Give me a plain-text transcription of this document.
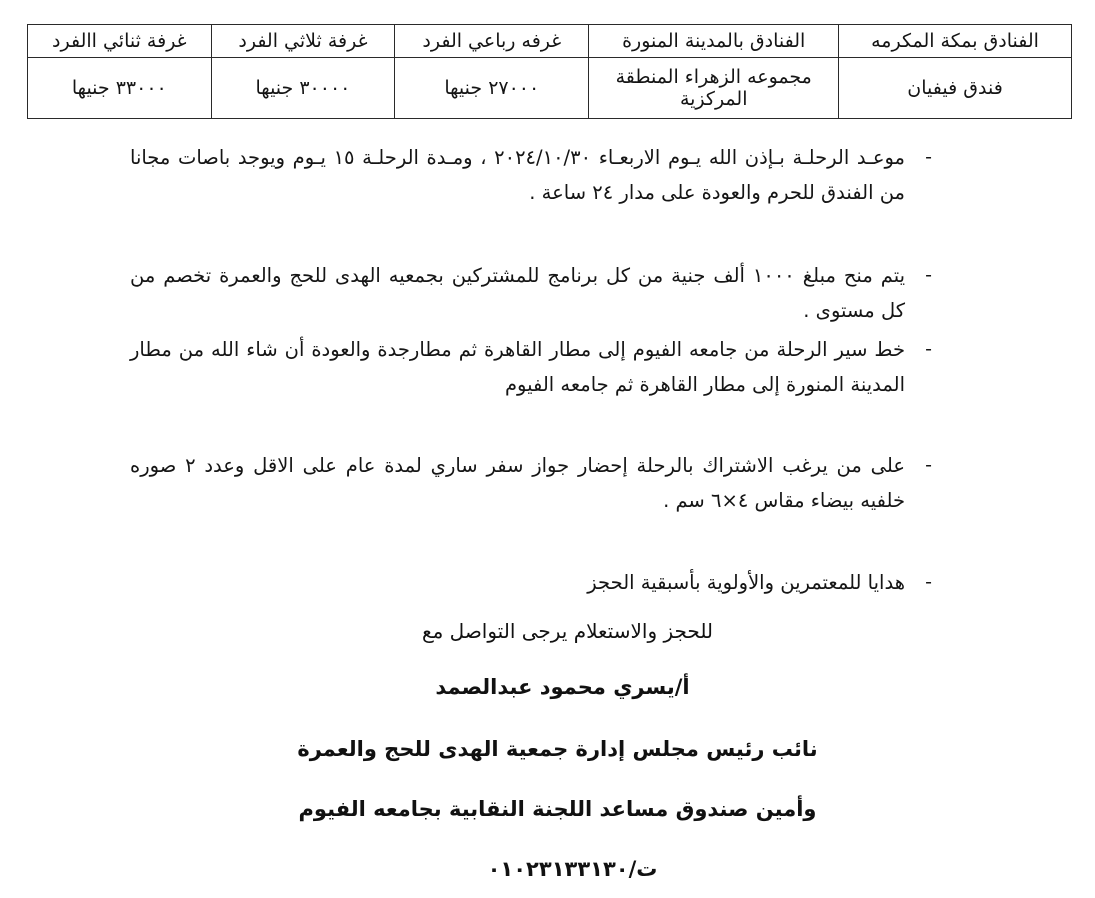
الفنادق بمكة المكرمه	الفنادق بالمدينة المنورة	غرفه رباعي الفرد	غرفة ثلاثي الفرد	غرفة ثنائي االفرد
فندق فيفيان	مجموعه الزهراء المنطقة المركزية	٢٧٠٠٠ جنيها	٣٠٠٠٠ جنيها	٣٣٠٠٠ جنيها
-
موعـد الرحلـة بـإذن الله يـوم الاربعـاء ٢٠٢٤/١٠/٣٠ ، ومـدة الرحلـة ١٥ يـوم ويوجد باصات مجانا من الفندق للحرم والعودة على مدار ٢٤ ساعة .
-
يتم منح مبلغ ١٠٠٠ ألف جنية من كل برنامج للمشتركين بجمعيه الهدى للحج والعمرة تخصم من كل مستوى .
-
خط سير الرحلة من جامعه الفيوم إلى مطار القاهرة ثم مطارجدة والعودة أن شاء الله من مطار المدينة المنورة إلى مطار القاهرة ثم جامعه الفيوم
-
على من يرغب الاشتراك بالرحلة إحضار جواز سفر ساري لمدة عام على الاقل وعدد ٢ صوره خلفيه بيضاء مقاس ٤×٦ سم .
-
هدايا للمعتمرين والأولوية بأسبقية الحجز
للحجز والاستعلام يرجى التواصل مع
أ/يسري محمود عبدالصمد
نائب رئيس مجلس إدارة جمعية الهدى للحج والعمرة
وأمين صندوق مساعد اللجنة النقابية بجامعه الفيوم
ت/٠١٠٢٣١٣٣١٣٠
